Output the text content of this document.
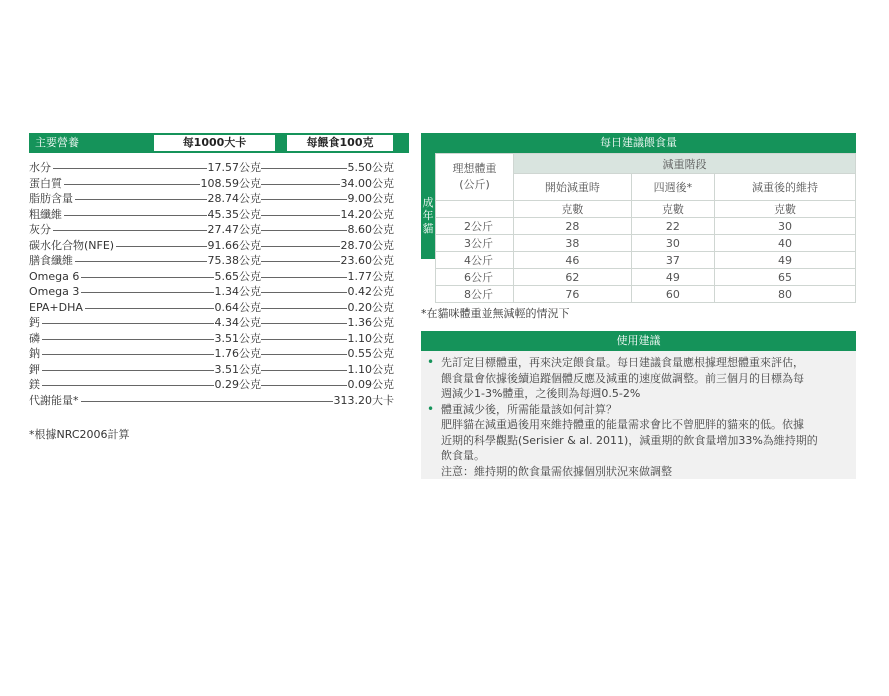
主要營養	每1000大卡	每餵食100克
水分	17.57公克	5.50公克
蛋白質	108.59公克	34.00公克
脂肪含量	28.74公克	9.00公克
粗纖維	45.35公克	14.20公克
灰分	27.47公克	8.60公克
碳水化合物(NFE)	91.66公克	28.70公克
膳食纖維	75.38公克	23.60公克
Omega 6	5.65公克	1.77公克
Omega 3	1.34公克	0.42公克
EPA+DHA	0.64公克	0.20公克
鈣	4.34公克	1.36公克
磷	3.51公克	1.10公克
鈉	1.76公克	0.55公克
鉀	3.51公克	1.10公克
鎂	0.29公克	0.09公克
代謝能量*	313.20大卡
*根據NRC2006計算
每日建議餵食量
成
年
貓
理想體重
(公斤)	減重階段		
	開始減重時	四週後*	減重後的維持
	克數	克數	克數
2公斤	28	22	30
3公斤	38	30	40
4公斤	46	37	49
6公斤	62	49	65
8公斤	76	60	80
*在貓咪體重並無減輕的情況下
使用建議
• 先訂定目標體重，再來決定餵食量。每日建議食量應根據理想體重來評估，

餵食量會依據後續追蹤個體反應及減重的速度做調整。前三個月的目標為每

週減少1-3%體重，之後則為每週0.5-2%

• 體重減少後，所需能量該如何計算？

肥胖貓在減重過後用來維持體重的能量需求會比不曾肥胖的貓來的低。依據

近期的科學觀點(Serisier & al. 2011)，減重期的飲食量增加33%為維持期的

飲食量。

注意：維持期的飲食量需依據個別狀況來做調整
